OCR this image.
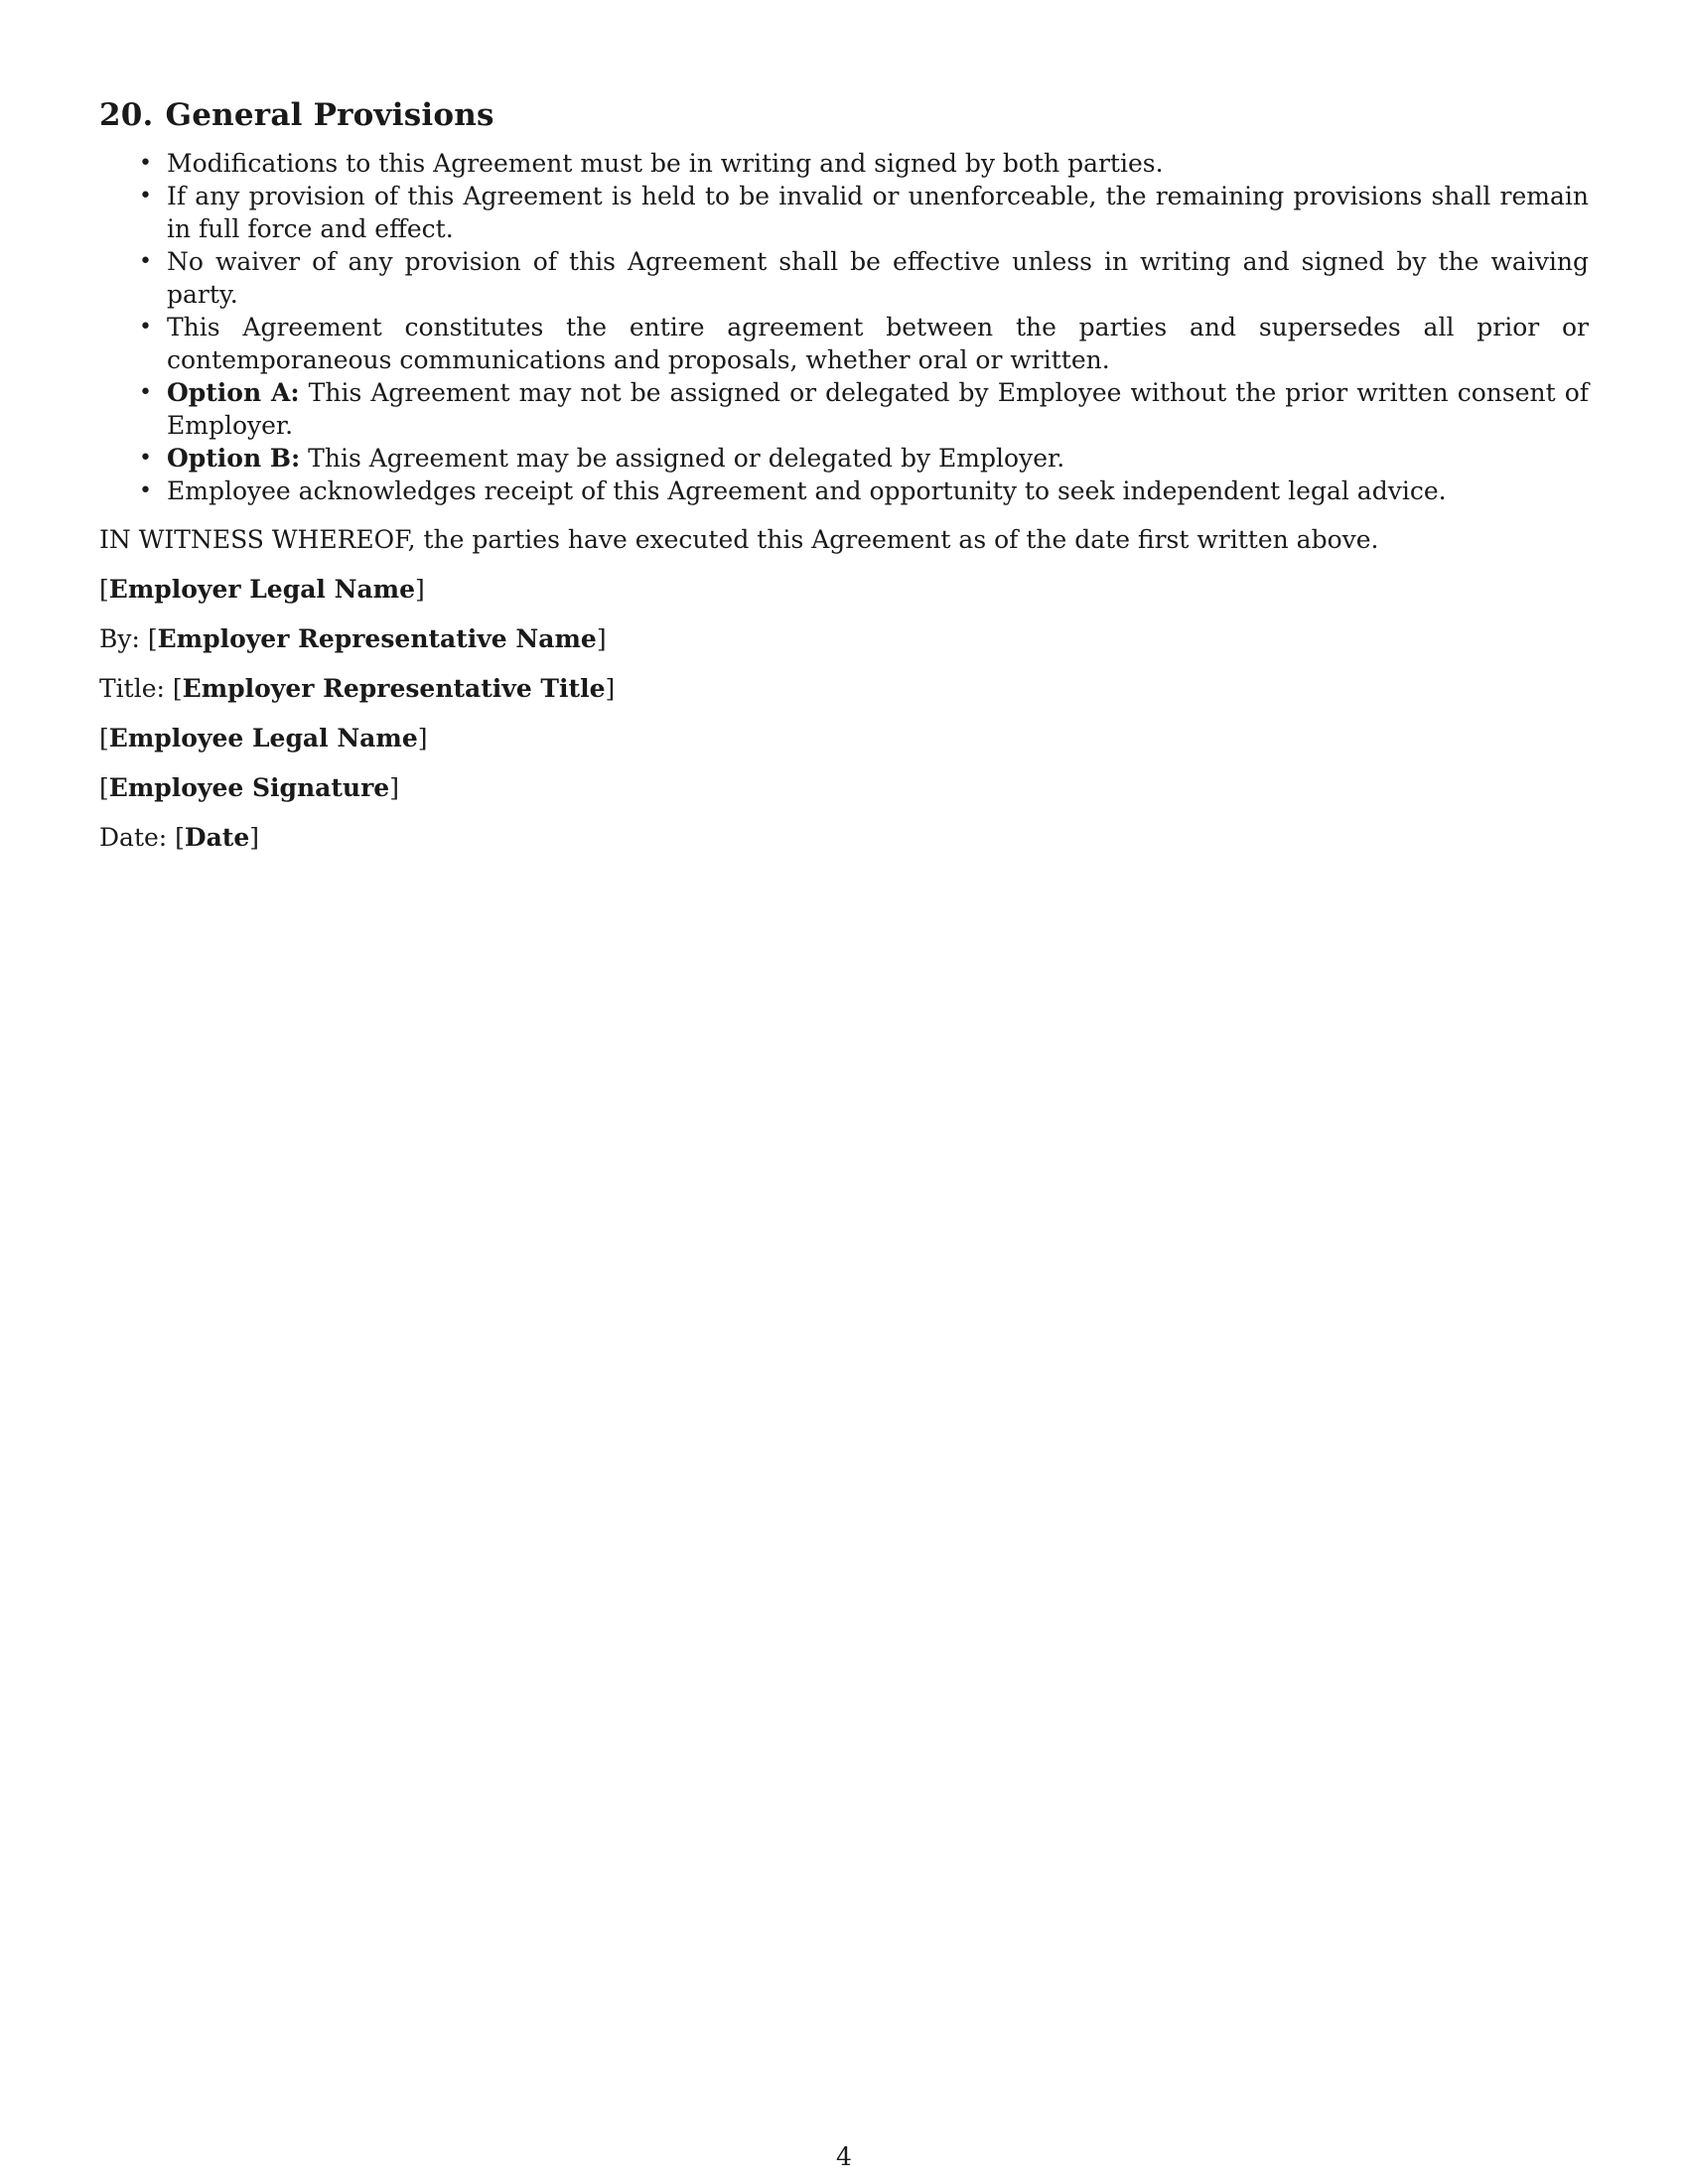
20. General Provisions
• Modifications to this Agreement must be in writing and signed by both parties.
• If any provision of this Agreement is held to be invalid or unenforceable, the remaining provisions shall remain in full force and effect.
• No waiver of any provision of this Agreement shall be effective unless in writing and signed by the waiving party.
• This Agreement constitutes the entire agreement between the parties and supersedes all prior or contemporaneous communications and proposals, whether oral or written.
• Option A: This Agreement may not be assigned or delegated by Employee without the prior written consent of Employer.
• Option B: This Agreement may be assigned or delegated by Employer.
• Employee acknowledges receipt of this Agreement and opportunity to seek independent legal advice.

IN WITNESS WHEREOF, the parties have executed this Agreement as of the date first written above.

[Employer Legal Name]

By: [Employer Representative Name]

Title: [Employer Representative Title]

[Employee Legal Name]

[Employee Signature]

Date: [Date]

4
